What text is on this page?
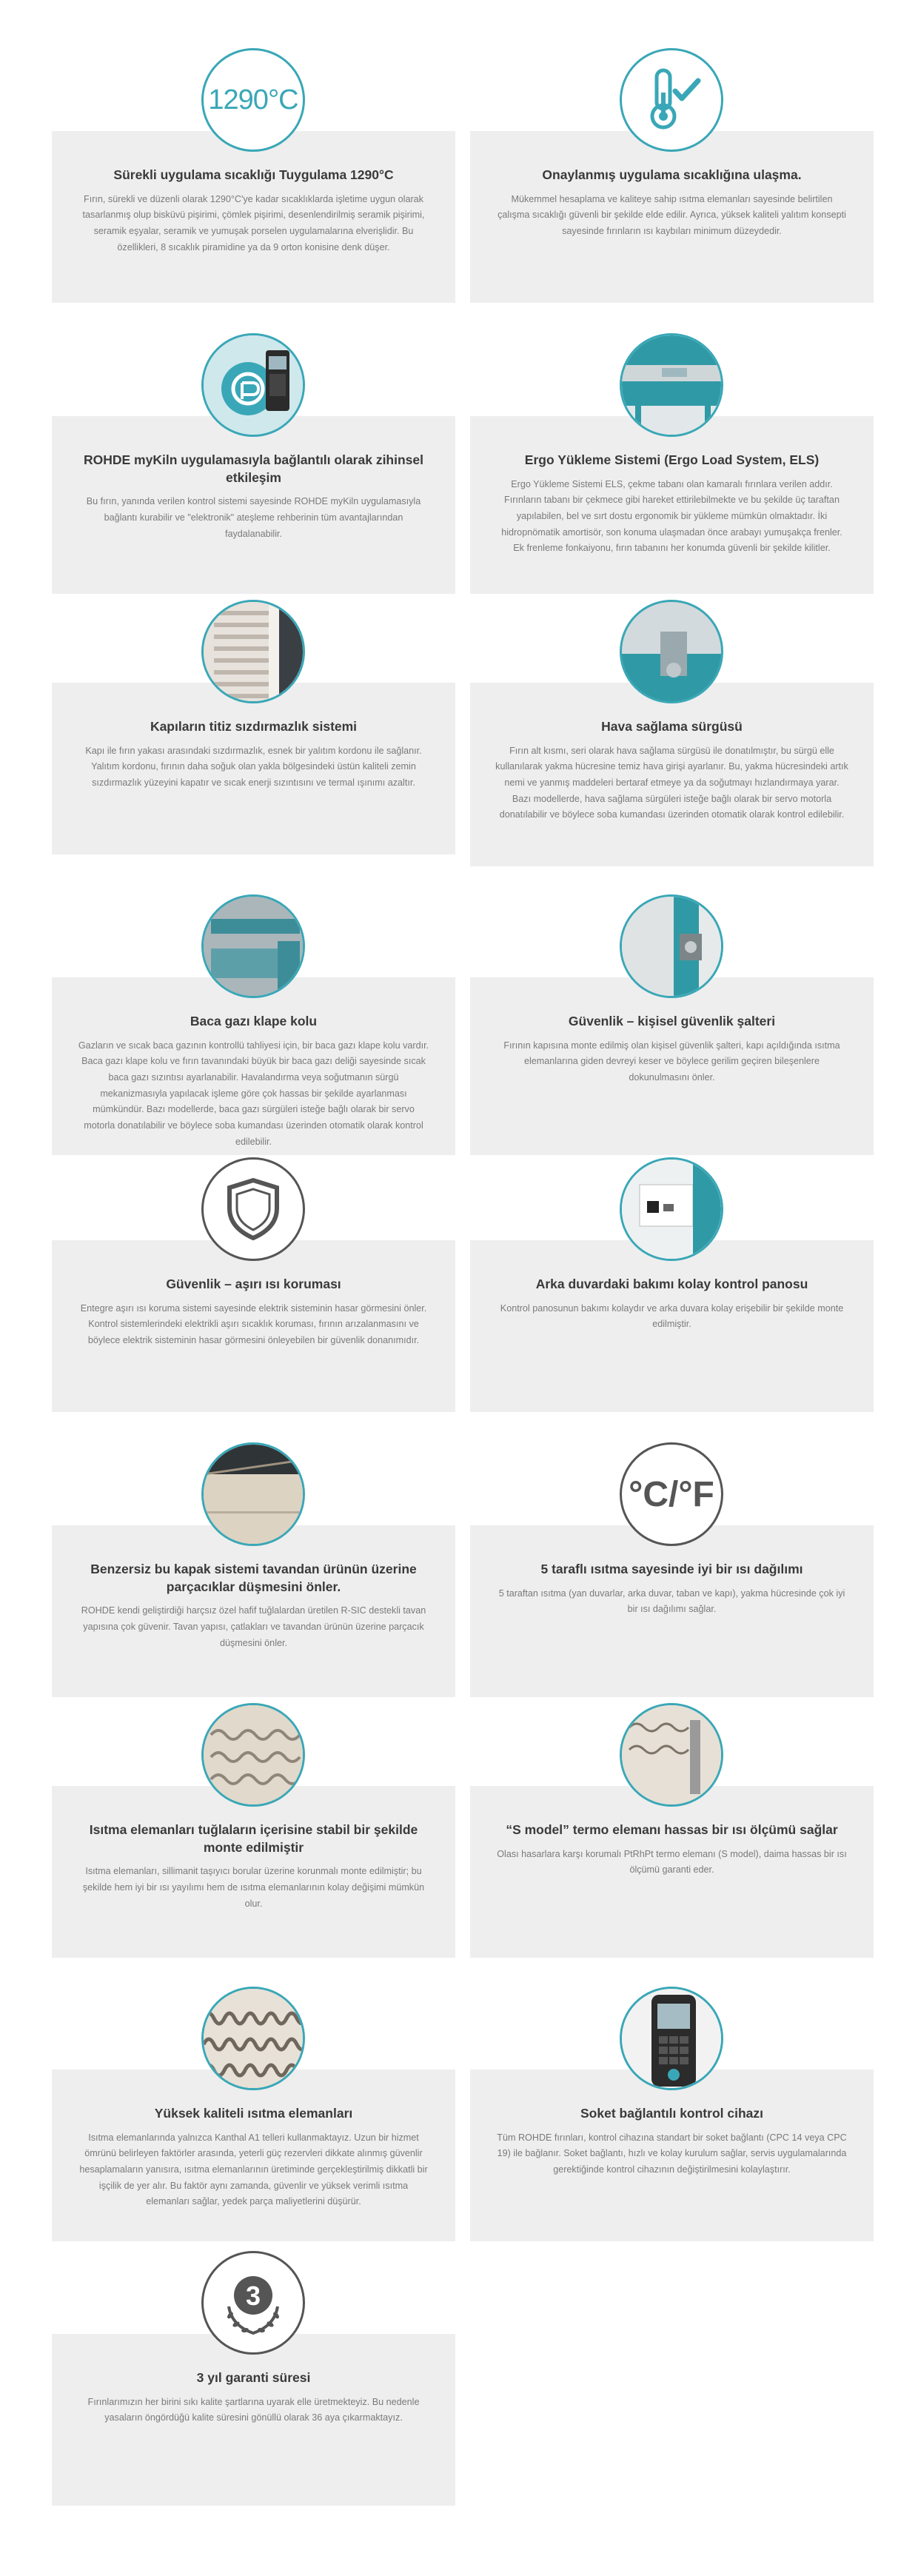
1290°C
Sürekli uygulama sıcaklığı Tuygulama 1290°C

Fırın, sürekli ve düzenli olarak 1290°C'ye kadar sıcaklıklarda işletime uygun olarak tasarlanmış olup bisküvü pişirimi, çömlek pişirimi, desenlendirilmiş seramik pişirimi, seramik eşyalar, seramik ve yumuşak porselen uygulamalarına elverişlidir. Bu özellikleri, 8 sıcaklık piramidine ya da 9 orton konisine denk düşer.

Onaylanmış uygulama sıcaklığına ulaşma.

Mükemmel hesaplama ve kaliteye sahip ısıtma elemanları sayesinde belirtilen çalışma sıcaklığı güvenli bir şekilde elde edilir. Ayrıca, yüksek kaliteli yalıtım konsepti sayesinde fırınların ısı kaybıları minimum düzeydedir.

ROHDE myKiln uygulamasıyla bağlantılı olarak zihinsel etkileşim

Bu fırın, yanında verilen kontrol sistemi sayesinde ROHDE myKiln uygulamasıyla bağlantı kurabilir ve "elektronik" ateşleme rehberinin tüm avantajlarından faydalanabilir.

Ergo Yükleme Sistemi (Ergo Load System, ELS)

Ergo Yükleme Sistemi ELS, çekme tabanı olan kamaralı fırınlara verilen addır. Fırınların tabanı bir çekmece gibi hareket ettirilebilmekte ve bu şekilde üç taraftan yapılabilen, bel ve sırt dostu ergonomik bir yükleme mümkün olmaktadır. İki hidropnömatik amortisör, son konuma ulaşmadan önce arabayı yumuşakça frenler. Ek frenleme fonkaiyonu, fırın tabanını her konumda güvenli bir şekilde kilitler.

Kapıların titiz sızdırmazlık sistemi

Kapı ile fırın yakası arasındaki sızdırmazlık, esnek bir yalıtım kordonu ile sağlanır. Yalıtım kordonu, fırının daha soğuk olan yakla bölgesindeki üstün kaliteli zemin sızdırmazlık yüzeyini kapatır ve sıcak enerji sızıntısını ve termal ışınımı azaltır.

Hava sağlama sürgüsü

Fırın alt kısmı, seri olarak hava sağlama sürgüsü ile donatılmıştır, bu sürgü elle kullanılarak yakma hücresine temiz hava girişi ayarlanır. Bu, yakma hücresindeki artık nemi ve yanmış maddeleri bertaraf etmeye ya da soğutmayı hızlandırmaya yarar. Bazı modellerde, hava sağlama sürgüleri isteğe bağlı olarak bir servo motorla donatılabilir ve böylece soba kumandası üzerinden otomatik olarak kontrol edilebilir.

Baca gazı klape kolu

Gazların ve sıcak baca gazının kontrollü tahliyesi için, bir baca gazı klape kolu vardır. Baca gazı klape kolu ve fırın tavanındaki büyük bir baca gazı deliği sayesinde sıcak baca gazı sızıntısı ayarlanabilir. Havalandırma veya soğutmanın sürgü mekanizmasıyla yapılacak işleme göre çok hassas bir şekilde ayarlanması mümkündür. Bazı modellerde, baca gazı sürgüleri isteğe bağlı olarak bir servo motorla donatılabilir ve böylece soba kumandası üzerinden otomatik olarak kontrol edilebilir.

Güvenlik – kişisel güvenlik şalteri

Fırının kapısına monte edilmiş olan kişisel güvenlik şalteri, kapı açıldığında ısıtma elemanlarına giden devreyi keser ve böylece gerilim geçiren bileşenlere dokunulmasını önler.

Güvenlik – aşırı ısı koruması

Entegre aşırı ısı koruma sistemi sayesinde elektrik sisteminin hasar görmesini önler. Kontrol sistemlerindeki elektrikli aşırı sıcaklık koruması, fırının arızalanmasını ve böylece elektrik sisteminin hasar görmesini önleyebilen bir güvenlik donanımıdır.

Arka duvardaki bakımı kolay kontrol panosu

Kontrol panosunun bakımı kolaydır ve arka duvara kolay erişebilir bir şekilde monte edilmiştir.

Benzersiz bu kapak sistemi tavandan ürünün üzerine parçacıklar düşmesini önler.

ROHDE kendi geliştirdiği harçsız özel hafif tuğlalardan üretilen R-SIC destekli tavan yapısına çok güvenir. Tavan yapısı, çatlakları ve tavandan ürünün üzerine parçacık düşmesini önler.

°C/°F
5 taraflı ısıtma sayesinde iyi bir ısı dağılımı

5 taraftan ısıtma (yan duvarlar, arka duvar, taban ve kapı), yakma hücresinde çok iyi bir ısı dağılımı sağlar.

Isıtma elemanları tuğlaların içerisine stabil bir şekilde monte edilmiştir

Isıtma elemanları, sillimanit taşıyıcı borular üzerine korunmalı monte edilmiştir; bu şekilde hem iyi bir ısı yayılımı hem de ısıtma elemanlarının kolay değişimi mümkün olur.

“S model” termo elemanı hassas bir ısı ölçümü sağlar

Olası hasarlara karşı korumalı PtRhPt termo elemanı (S model), daima hassas bir ısı ölçümü garanti eder.

Yüksek kaliteli ısıtma elemanları

Isıtma elemanlarında yalnızca Kanthal A1 telleri kullanmaktayız. Uzun bir hizmet ömrünü belirleyen faktörler arasında, yeterli güç rezervleri dikkate alınmış güvenlir hesaplamaların yanısıra, ısıtma elemanlarının üretiminde gerçekleştirilmiş dikkatli bir işçilik de yer alır. Bu faktör aynı zamanda, güvenlir ve yüksek verimli ısıtma elemanları sağlar, yedek parça maliyetlerini düşürür.

Soket bağlantılı kontrol cihazı

Tüm ROHDE fırınları, kontrol cihazına standart bir soket bağlantı (CPC 14 veya CPC 19) ile bağlanır. Soket bağlantı, hızlı ve kolay kurulum sağlar, servis uygulamalarında gerektiğinde kontrol cihazının değiştirilmesini kolaylaştırır.

3
3 yıl garanti süresi

Fırınlarımızın her birini sıkı kalite şartlarına uyarak elle üretmekteyiz. Bu nedenle yasaların öngördüğü kalite süresini gönüllü olarak 36 aya çıkarmaktayız.
